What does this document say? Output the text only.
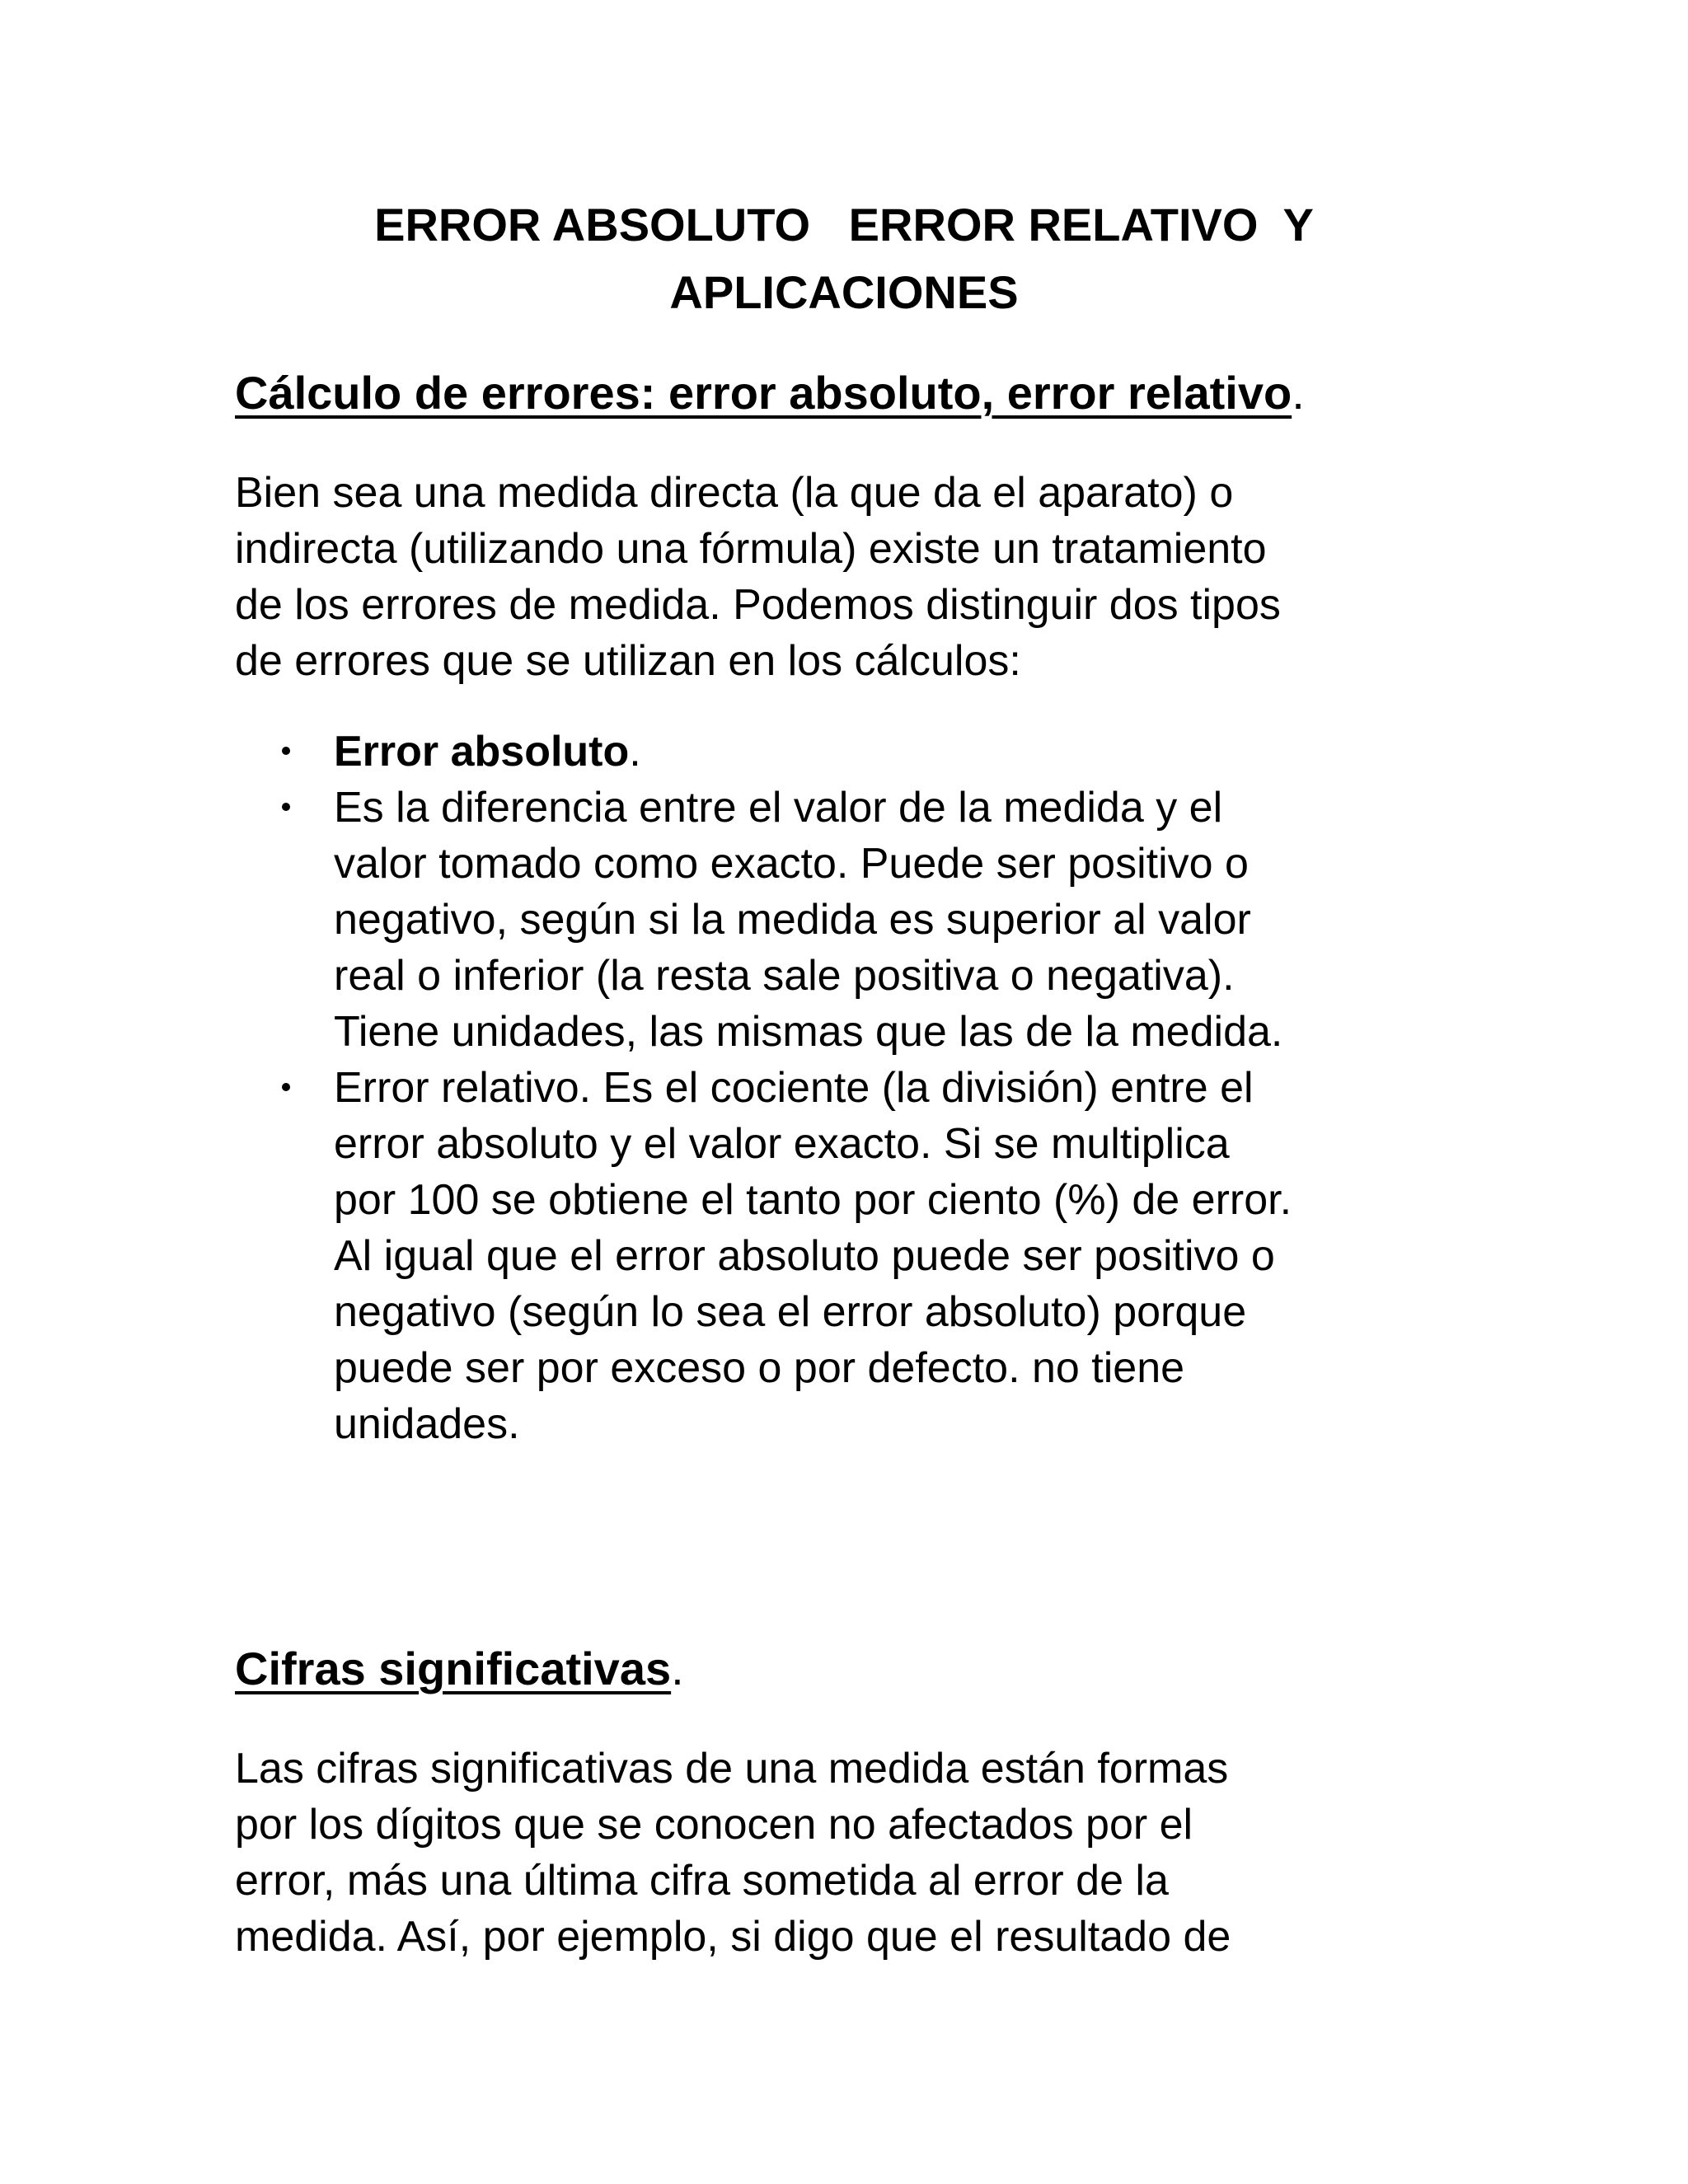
ERROR ABSOLUTO   ERROR RELATIVO  Y
APLICACIONES
Cálculo de errores: error absoluto, error relativo.
Bien sea una medida directa (la que da el aparato) o
indirecta (utilizando una fórmula) existe un tratamiento
de los errores de medida. Podemos distinguir dos tipos
de errores que se utilizan en los cálculos:
Error absoluto.
Es la diferencia entre el valor de la medida y el
valor tomado como exacto. Puede ser positivo o
negativo, según si la medida es superior al valor
real o inferior (la resta sale positiva o negativa).
Tiene unidades, las mismas que las de la medida.
Error relativo. Es el cociente (la división) entre el
error absoluto y el valor exacto. Si se multiplica
por 100 se obtiene el tanto por ciento (%) de error.
Al igual que el error absoluto puede ser positivo o
negativo (según lo sea el error absoluto) porque
puede ser por exceso o por defecto. no tiene
unidades.
Cifras significativas.
Las cifras significativas de una medida están formas
por los dígitos que se conocen no afectados por el
error, más una última cifra sometida al error de la
medida. Así, por ejemplo, si digo que el resultado de
